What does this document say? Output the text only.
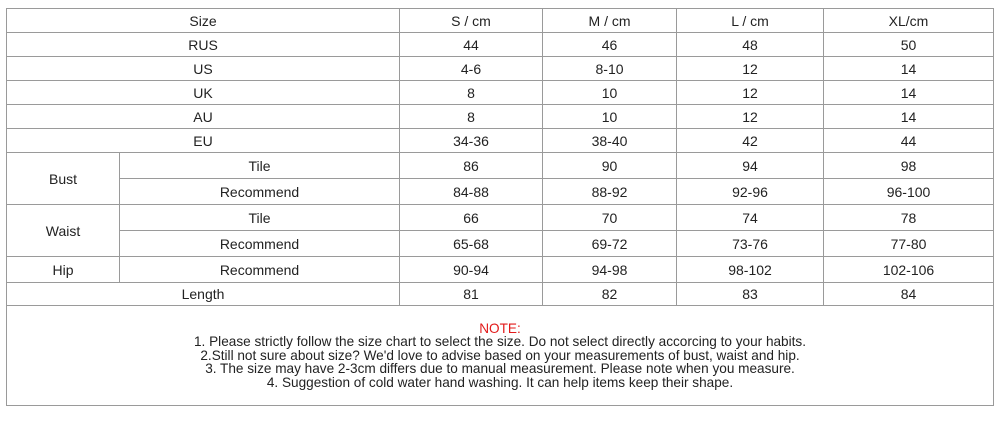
Size		S / cm	M / cm	L / cm	XL/cm
RUS		44	46	48	50
US		4-6	8-10	12	14
UK		8	10	12	14
AU		8	10	12	14
EU		34-36	38-40	42	44
Bust	Tile	86	90	94	98
	Recommend	84-88	88-92	92-96	96-100
Waist	Tile	66	70	74	78
	Recommend	65-68	69-72	73-76	77-80
Hip	Recommend	90-94	94-98	98-102	102-106
Length		81	82	83	84

NOTE:
1. Please strictly follow the size chart to select the size. Do not select directly accorcing to your habits.
2.Still not sure about size? We'd love to advise based on your measurements of bust, waist and hip.
3. The size may have 2-3cm differs due to manual measurement. Please note when you measure.
4. Suggestion of cold water hand washing. It can help items keep their shape.					
